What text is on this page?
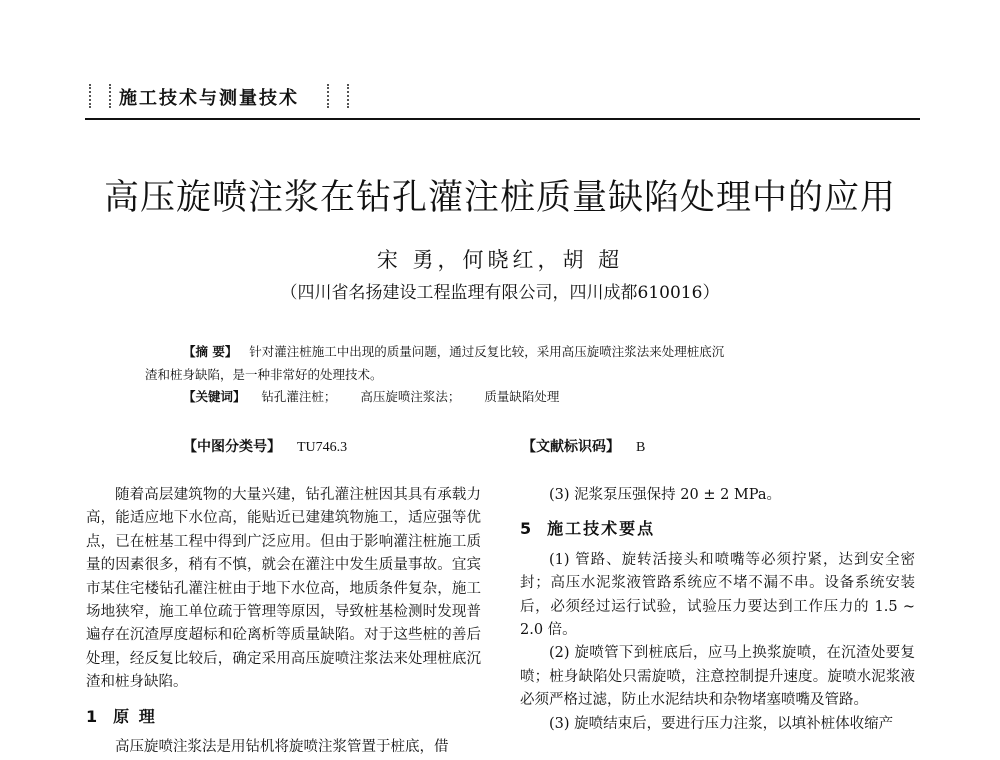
施工技术与测量技术
高压旋喷注浆在钻孔灌注桩质量缺陷处理中的应用
宋 勇，何晓红，胡 超
（四川省名扬建设工程监理有限公司，四川成都610016）
【摘 要】 针对灌注桩施工中出现的质量问题，通过反复比较，采用高压旋喷注浆法来处理桩底沉
渣和桩身缺陷，是一种非常好的处理技术。
【关键词】 钻孔灌注桩； 高压旋喷注浆法； 质量缺陷处理
【中图分类号】 TU746.3	【文献标识码】 B

随着高层建筑物的大量兴建，钻孔灌注桩因其具有承载力高，能适应地下水位高，能贴近已建建筑物施工，适应强等优点，已在桩基工程中得到广泛应用。但由于影响灌注桩施工质量的因素很多，稍有不慎，就会在灌注中发生质量事故。宜宾市某住宅楼钻孔灌注桩由于地下水位高，地质条件复杂，施工场地狭窄，施工单位疏于管理等原因，导致桩基检测时发现普遍存在沉渣厚度超标和砼离析等质量缺陷。对于这些桩的善后处理，经反复比较后，确定采用高压旋喷注浆法来处理桩底沉渣和桩身缺陷。

1 原 理

高压旋喷注浆法是用钻机将旋喷注浆管置于桩底，借

(3) 泥浆泵压强保持 20 ± 2 MPa。

5 施工技术要点

(1) 管路、旋转活接头和喷嘴等必须拧紧，达到安全密封；高压水泥浆液管路系统应不堵不漏不串。设备系统安装后，必须经过运行试验，试验压力要达到工作压力的 1.5 ~ 2.0 倍。

(2) 旋喷管下到桩底后，应马上换浆旋喷，在沉渣处要复喷；桩身缺陷处只需旋喷，注意控制提升速度。旋喷水泥浆液必须严格过滤，防止水泥结块和杂物堵塞喷嘴及管路。

(3) 旋喷结束后，要进行压力注浆，以填补桩体收缩产
